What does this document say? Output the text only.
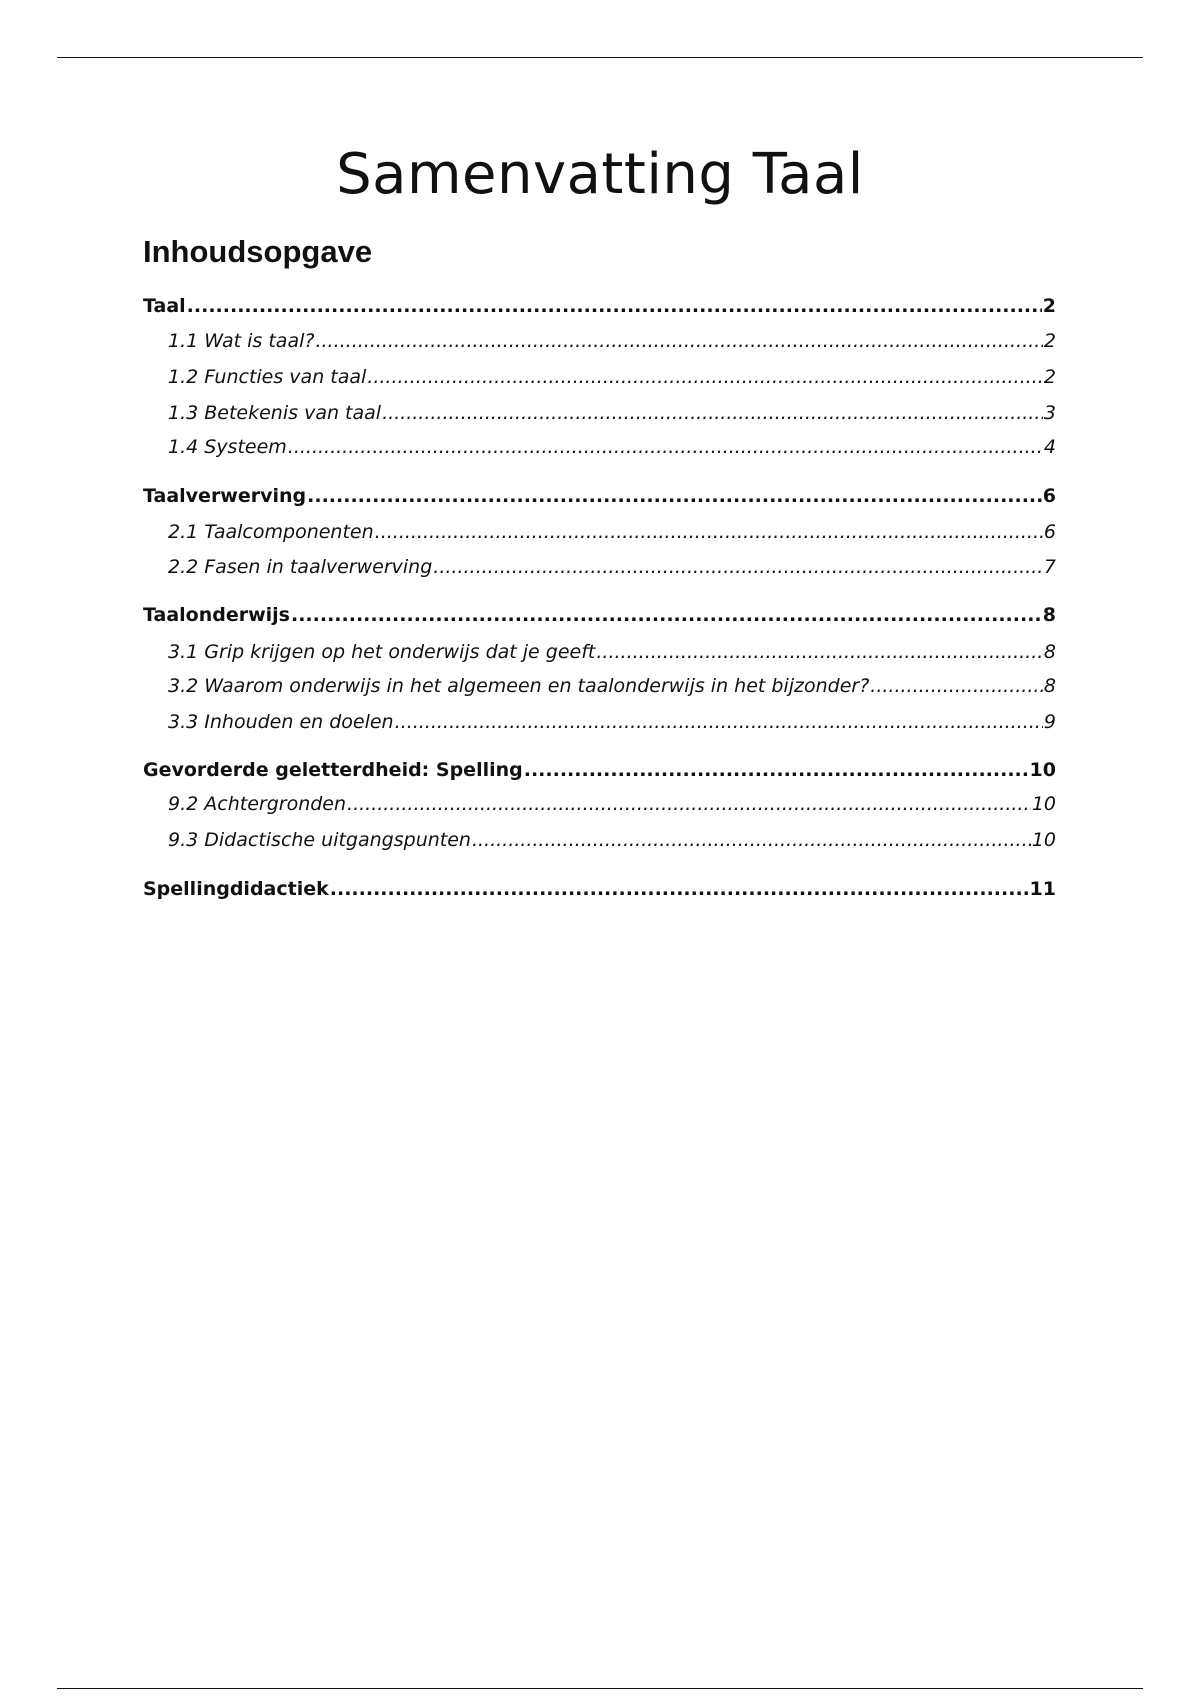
Samenvatting Taal
Inhoudsopgave
Taal .....	2
1.1 Wat is taal? .....	2
1.2 Functies van taal .....	2
1.3 Betekenis van taal .....	3
1.4 Systeem .....	4
Taalverwerving .....	6
2.1 Taalcomponenten .....	6
2.2 Fasen in taalverwerving .....	7
Taalonderwijs .....	8
3.1 Grip krijgen op het onderwijs dat je geeft .....	8
3.2 Waarom onderwijs in het algemeen en taalonderwijs in het bijzonder? .....	8
3.3 Inhouden en doelen .....	9
Gevorderde geletterdheid: Spelling .....	10
9.2 Achtergronden .....	10
9.3 Didactische uitgangspunten .....	10
Spellingdidactiek .....	11
